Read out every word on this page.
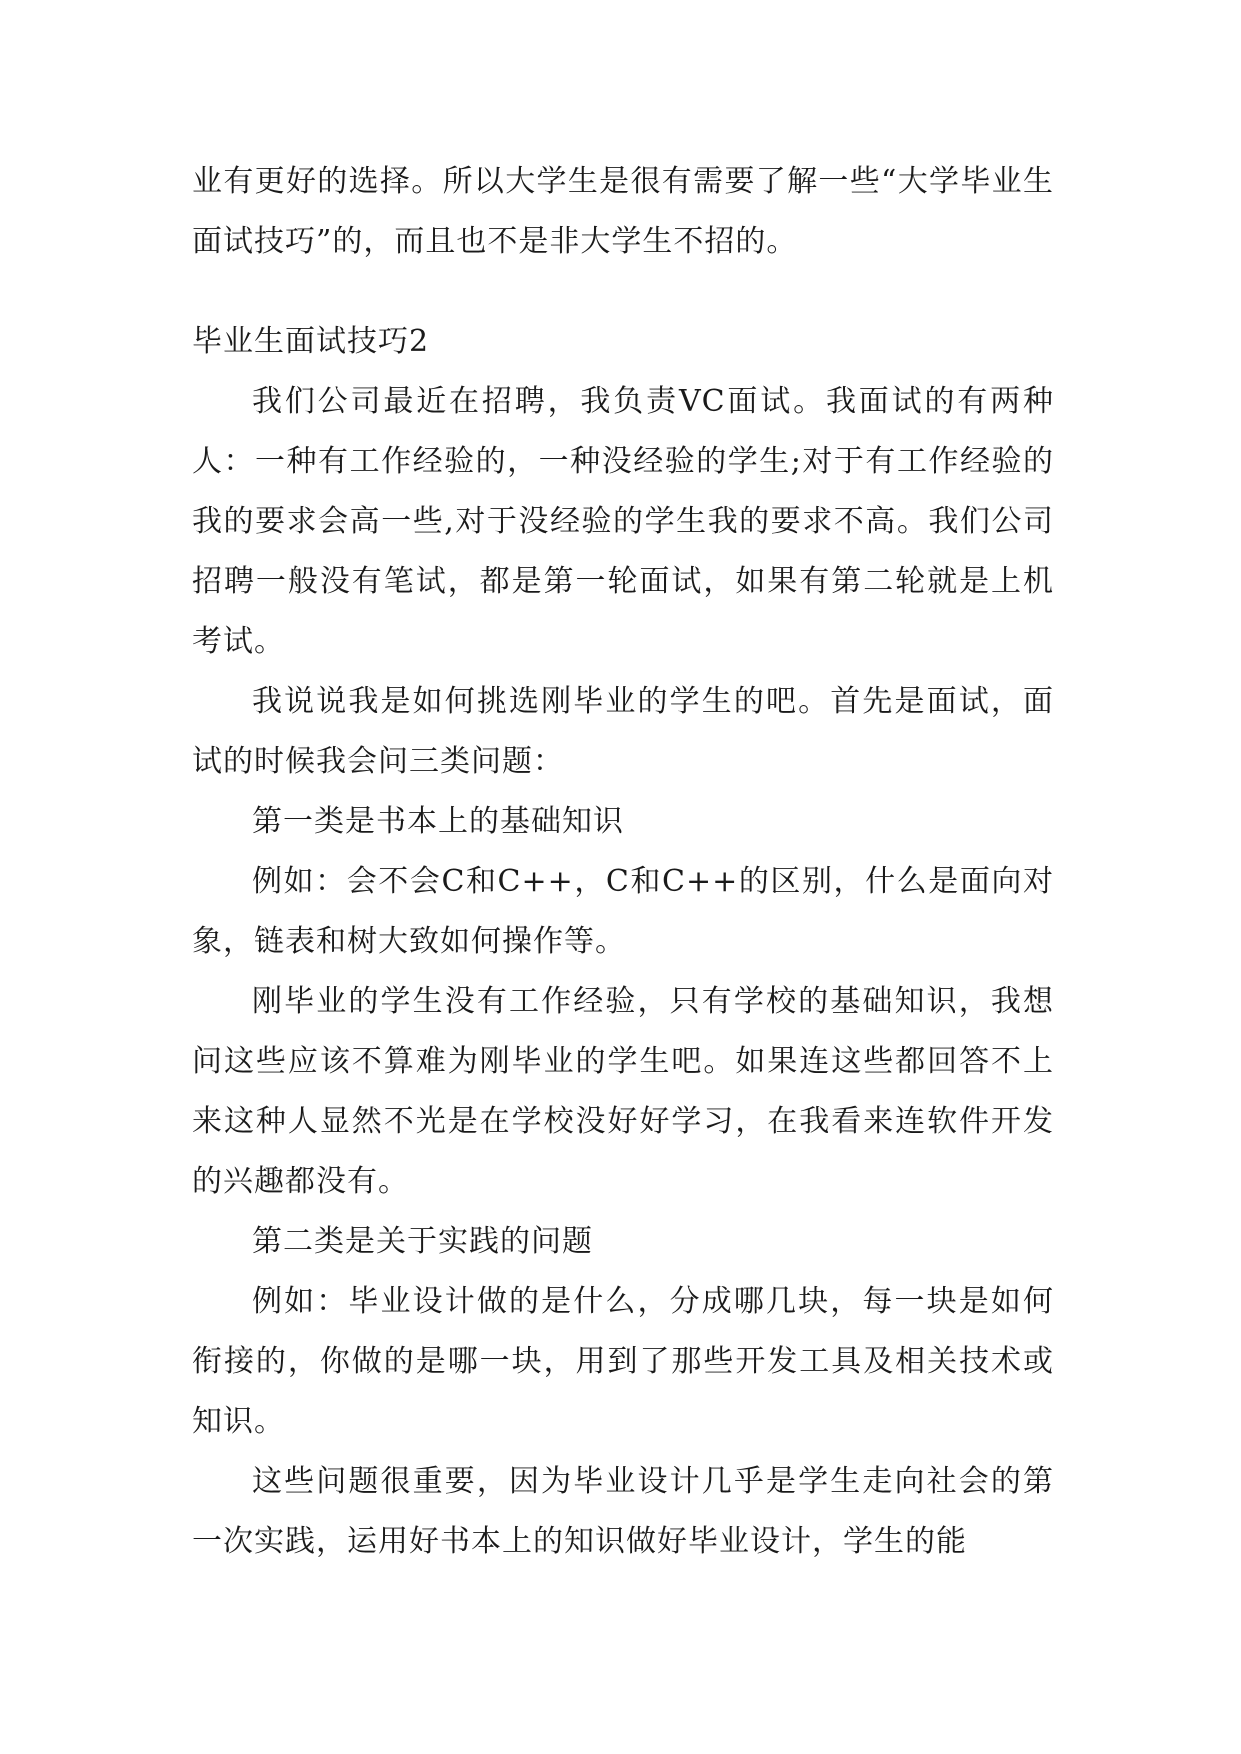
业有更好的选择。所以大学生是很有需要了解一些“大学毕业生面试技巧”的，而且也不是非大学生不招的。

毕业生面试技巧2

我们公司最近在招聘，我负责VC面试。我面试的有两种人：一种有工作经验的，一种没经验的学生;对于有工作经验的我的要求会高一些,对于没经验的学生我的要求不高。我们公司招聘一般没有笔试，都是第一轮面试，如果有第二轮就是上机考试。

我说说我是如何挑选刚毕业的学生的吧。首先是面试，面试的时候我会问三类问题：

第一类是书本上的基础知识

例如：会不会C和C++，C和C++的区别，什么是面向对象，链表和树大致如何操作等。

刚毕业的学生没有工作经验，只有学校的基础知识，我想问这些应该不算难为刚毕业的学生吧。如果连这些都回答不上来这种人显然不光是在学校没好好学习，在我看来连软件开发的兴趣都没有。

第二类是关于实践的问题

例如：毕业设计做的是什么，分成哪几块，每一块是如何衔接的，你做的是哪一块，用到了那些开发工具及相关技术或知识。

这些问题很重要，因为毕业设计几乎是学生走向社会的第一次实践，运用好书本上的知识做好毕业设计，学生的能
